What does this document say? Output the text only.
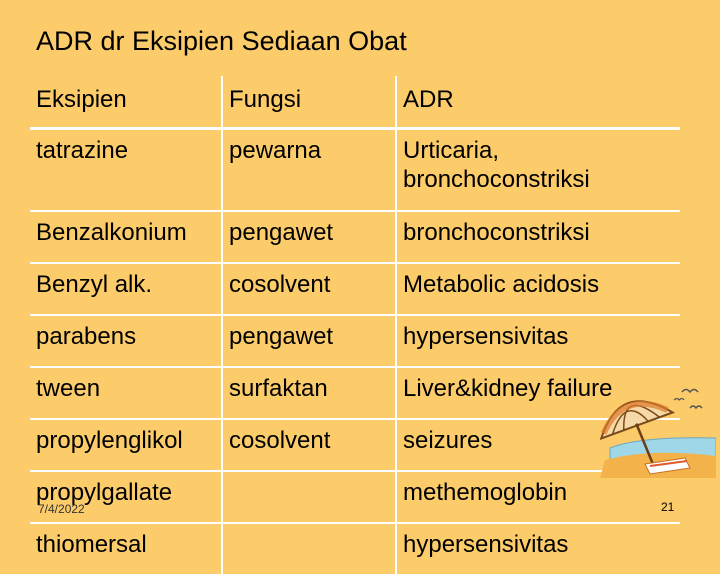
ADR dr Eksipien Sediaan Obat
Eksipien	Fungsi	ADR
tatrazine	pewarna	Urticaria, bronchoconstriksi
Benzalkonium	pengawet	bronchoconstriksi
Benzyl alk.	cosolvent	Metabolic acidosis
parabens	pengawet	hypersensivitas
tween	surfaktan	Liver&kidney failure
propylenglikol	cosolvent	seizures
propylgallate		methemoglobin
thiomersal		hypersensivitas
7/4/2022	21
